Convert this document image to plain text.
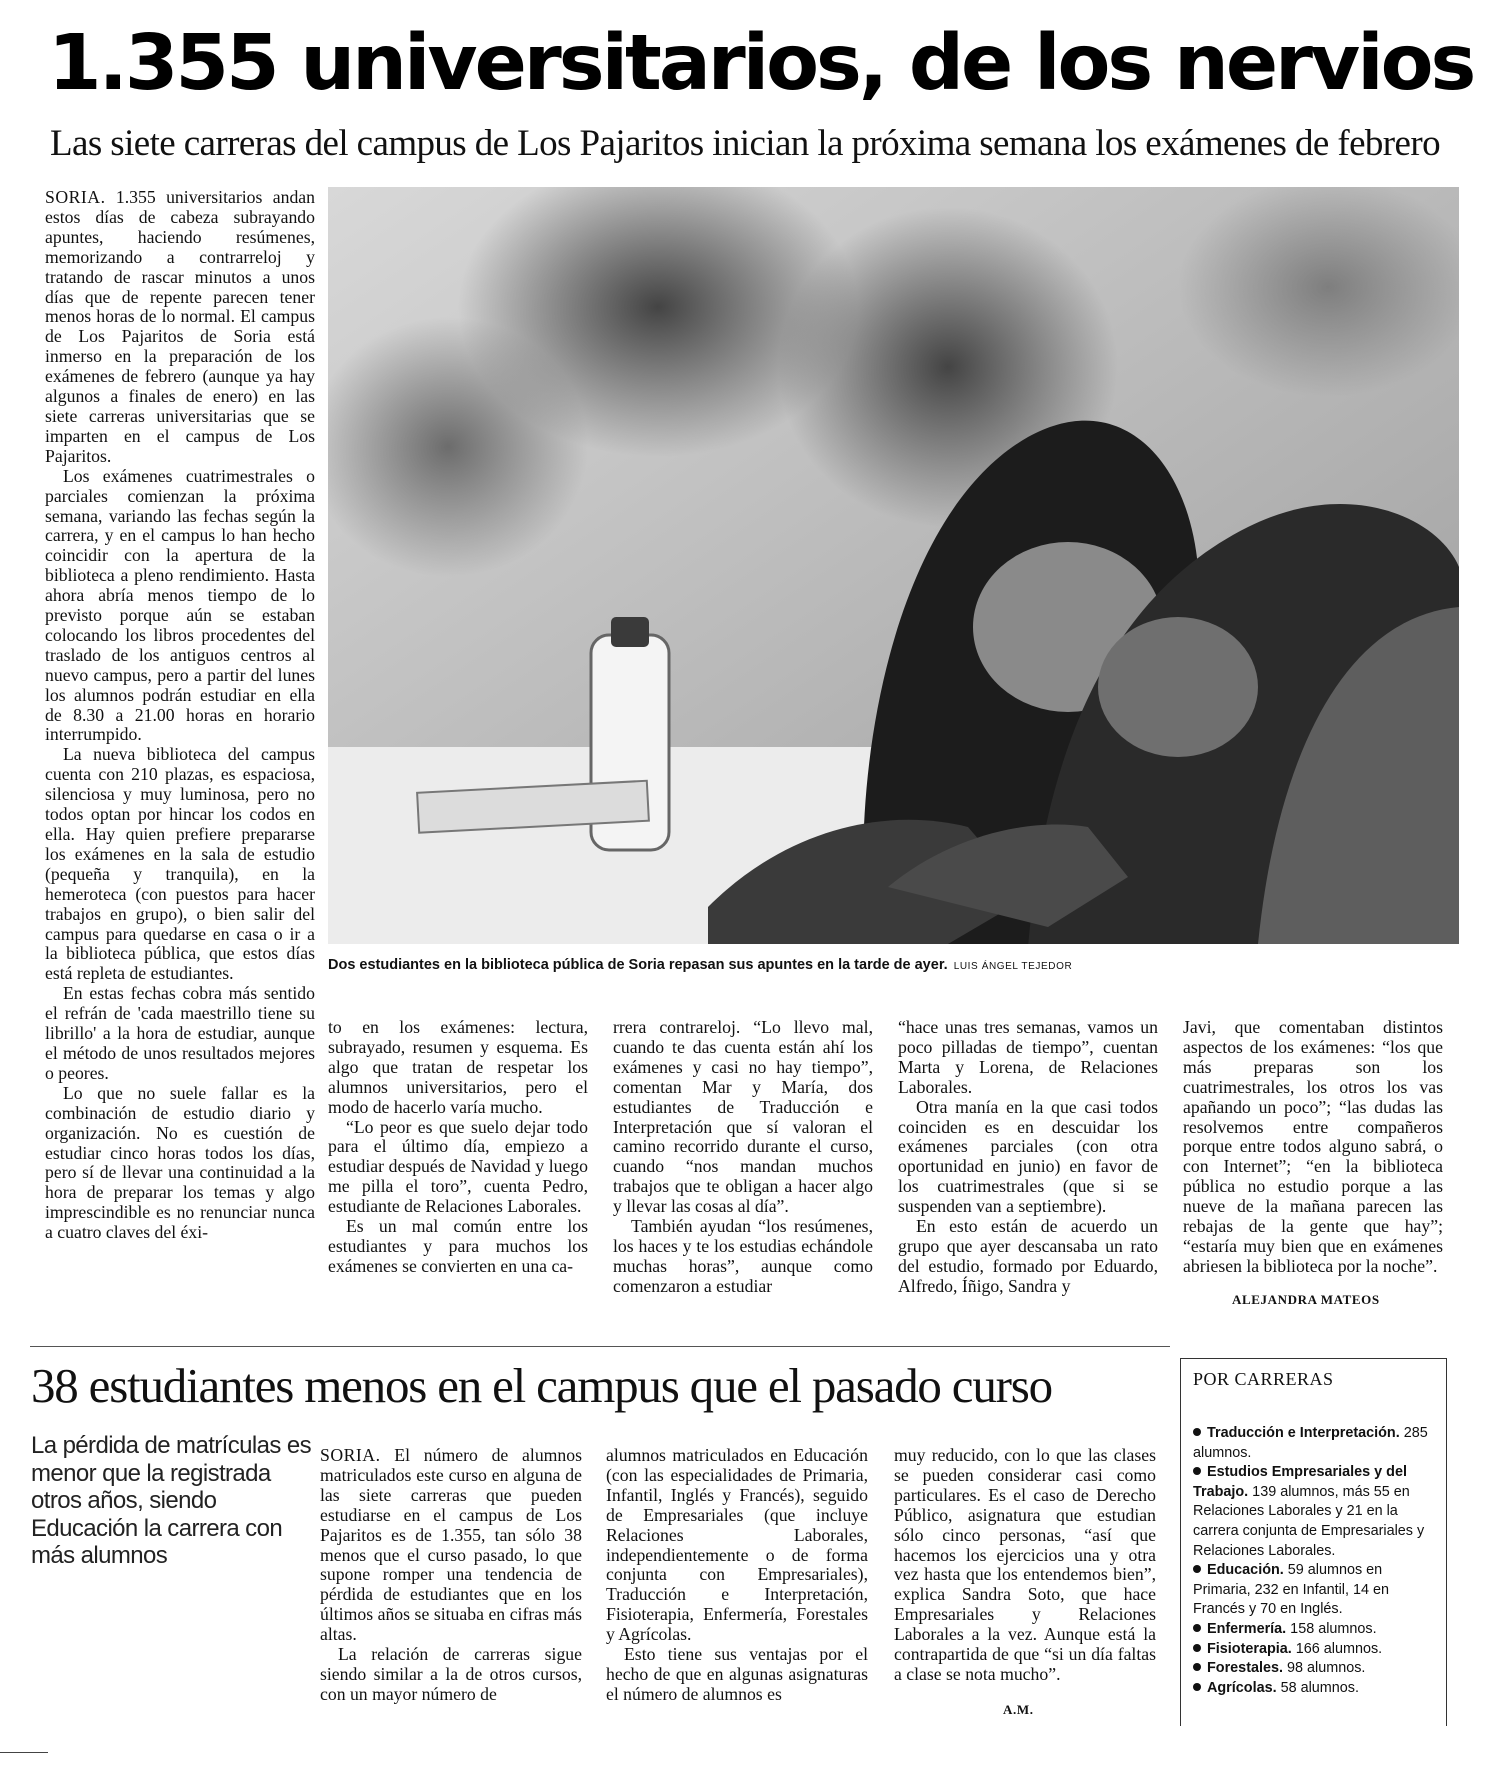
1.355 universitarios, de los nervios
Las siete carreras del campus de Los Pajaritos inician la próxima semana los exámenes de febrero

SORIA. 1.355 universitarios andan estos días de cabeza subrayando apuntes, haciendo resúmenes, memorizando a contrarreloj y tratando de rascar minutos a unos días que de repente parecen tener menos horas de lo normal. El campus de Los Pajaritos de Soria está inmerso en la preparación de los exámenes de febrero (aunque ya hay algunos a finales de enero) en las siete carreras universitarias que se imparten en el campus de Los Pajaritos.

Los exámenes cuatrimestrales o parciales comienzan la próxima semana, variando las fechas según la carrera, y en el campus lo han hecho coincidir con la apertura de la biblioteca a pleno rendimiento. Hasta ahora abría menos tiempo de lo previsto porque aún se estaban colocando los libros procedentes del traslado de los antiguos centros al nuevo campus, pero a partir del lunes los alumnos podrán estudiar en ella de 8.30 a 21.00 horas en horario interrumpido.

La nueva biblioteca del campus cuenta con 210 plazas, es espaciosa, silenciosa y muy luminosa, pero no todos optan por hincar los codos en ella. Hay quien prefiere prepararse los exámenes en la sala de estudio (pequeña y tranquila), en la hemeroteca (con puestos para hacer trabajos en grupo), o bien salir del campus para quedarse en casa o ir a la biblioteca pública, que estos días está repleta de estudiantes.

En estas fechas cobra más sentido el refrán de 'cada maestrillo tiene su librillo' a la hora de estudiar, aunque el método de unos resultados mejores o peores.

Lo que no suele fallar es la combinación de estudio diario y organización. No es cuestión de estudiar cinco horas todos los días, pero sí de llevar una continuidad a la hora de preparar los temas y algo imprescindible es no renunciar nunca a cuatro claves del éxi-

Dos estudiantes en la biblioteca pública de Soria repasan sus apuntes en la tarde de ayer. LUIS ÁNGEL TEJEDOR

to en los exámenes: lectura, subrayado, resumen y esquema. Es algo que tratan de respetar los alumnos universitarios, pero el modo de hacerlo varía mucho.

“Lo peor es que suelo dejar todo para el último día, empiezo a estudiar después de Navidad y luego me pilla el toro”, cuenta Pedro, estudiante de Relaciones Laborales.

Es un mal común entre los estudiantes y para muchos los exámenes se convierten en una ca-

rrera contrareloj. “Lo llevo mal, cuando te das cuenta están ahí los exámenes y casi no hay tiempo”, comentan Mar y María, dos estudiantes de Traducción e Interpretación que sí valoran el camino recorrido durante el curso, cuando “nos mandan muchos trabajos que te obligan a hacer algo y llevar las cosas al día”.

También ayudan “los resúmenes, los haces y te los estudias echándole muchas horas”, aunque como comenzaron a estudiar

“hace unas tres semanas, vamos un poco pilladas de tiempo”, cuentan Marta y Lorena, de Relaciones Laborales.

Otra manía en la que casi todos coinciden es en descuidar los exámenes parciales (con otra oportunidad en junio) en favor de los cuatrimestrales (que si se suspenden van a septiembre).

En esto están de acuerdo un grupo que ayer descansaba un rato del estudio, formado por Eduardo, Alfredo, Íñigo, Sandra y

Javi, que comentaban distintos aspectos de los exámenes: “los que más preparas son los cuatrimestrales, los otros los vas apañando un poco”; “las dudas las resolvemos entre compañeros porque entre todos alguno sabrá, o con Internet”; “en la biblioteca pública no estudio porque a las nueve de la mañana parecen las rebajas de la gente que hay”; “estaría muy bien que en exámenes abriesen la biblioteca por la noche”.

ALEJANDRA MATEOS
38 estudiantes menos en el campus que el pasado curso
La pérdida de matrículas es menor que la registrada otros años, siendo Educación la carrera con más alumnos

SORIA. El número de alumnos matriculados este curso en alguna de las siete carreras que pueden estudiarse en el campus de Los Pajaritos es de 1.355, tan sólo 38 menos que el curso pasado, lo que supone romper una tendencia de pérdida de estudiantes que en los últimos años se situaba en cifras más altas.

La relación de carreras sigue siendo similar a la de otros cursos, con un mayor número de

alumnos matriculados en Educación (con las especialidades de Primaria, Infantil, Inglés y Francés), seguido de Empresariales (que incluye Relaciones Laborales, independientemente o de forma conjunta con Empresariales), Traducción e Interpretación, Fisioterapia, Enfermería, Forestales y Agrícolas.

Esto tiene sus ventajas por el hecho de que en algunas asignaturas el número de alumnos es

muy reducido, con lo que las clases se pueden considerar casi como particulares. Es el caso de Derecho Público, asignatura que estudian sólo cinco personas, “así que hacemos los ejercicios una y otra vez hasta que los entendemos bien”, explica Sandra Soto, que hace Empresariales y Relaciones Laborales a la vez. Aunque está la contrapartida de que “si un día faltas a clase se nota mucho”.

A.M.
POR CARRERAS
Traducción e Interpretación. 285 alumnos.
Estudios Empresariales y del Trabajo. 139 alumnos, más 55 en Relaciones Laborales y 21 en la carrera conjunta de Empresariales y Relaciones Laborales.
Educación. 59 alumnos en Primaria, 232 en Infantil, 14 en Francés y 70 en Inglés.
Enfermería. 158 alumnos.
Fisioterapia. 166 alumnos.
Forestales. 98 alumnos.
Agrícolas. 58 alumnos.
